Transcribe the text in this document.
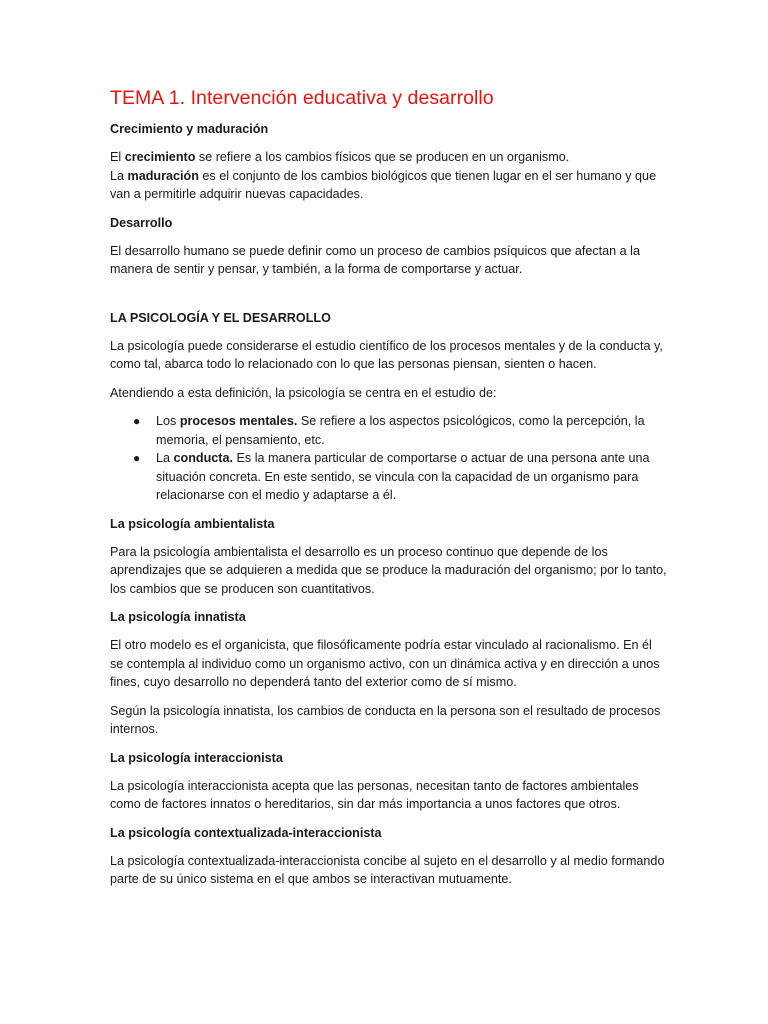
TEMA 1. Intervención educativa y desarrollo
Crecimiento y maduración
El crecimiento se refiere a los cambios físicos que se producen en un organismo.
La maduración es el conjunto de los cambios biológicos que tienen lugar en el ser humano y que van a permitirle adquirir nuevas capacidades.
Desarrollo

El desarrollo humano se puede definir como un proceso de cambios psíquicos que afectan a la manera de sentir y pensar, y también, a la forma de comportarse y actuar.

LA PSICOLOGÍA Y EL DESARROLLO

La psicología puede considerarse el estudio científico de los procesos mentales y de la conducta y, como tal, abarca todo lo relacionado con lo que las personas piensan, sienten o hacen.

Atendiendo a esta definición, la psicología se centra en el estudio de:

● Los procesos mentales. Se refiere a los aspectos psicológicos, como la percepción, la memoria, el pensamiento, etc.
● La conducta. Es la manera particular de comportarse o actuar de una persona ante una situación concreta. En este sentido, se vincula con la capacidad de un organismo para relacionarse con el medio y adaptarse a él.
La psicología ambientalista

Para la psicología ambientalista el desarrollo es un proceso continuo que depende de los aprendizajes que se adquieren a medida que se produce la maduración del organismo; por lo tanto, los cambios que se producen son cuantitativos.

La psicología innatista

El otro modelo es el organicista, que filosóficamente podría estar vinculado al racionalismo. En él se contempla al individuo como un organismo activo, con un dinámica activa y en dirección a unos fines, cuyo desarrollo no dependerá tanto del exterior como de sí mismo.

Según la psicología innatista, los cambios de conducta en la persona son el resultado de procesos internos.

La psicología interaccionista

La psicología interaccionista acepta que las personas, necesitan tanto de factores ambientales como de factores innatos o hereditarios, sin dar más importancia a unos factores que otros.

La psicología contextualizada-interaccionista

La psicología contextualizada-interaccionista concibe al sujeto en el desarrollo y al medio formando parte de su único sistema en el que ambos se interactivan mutuamente.
